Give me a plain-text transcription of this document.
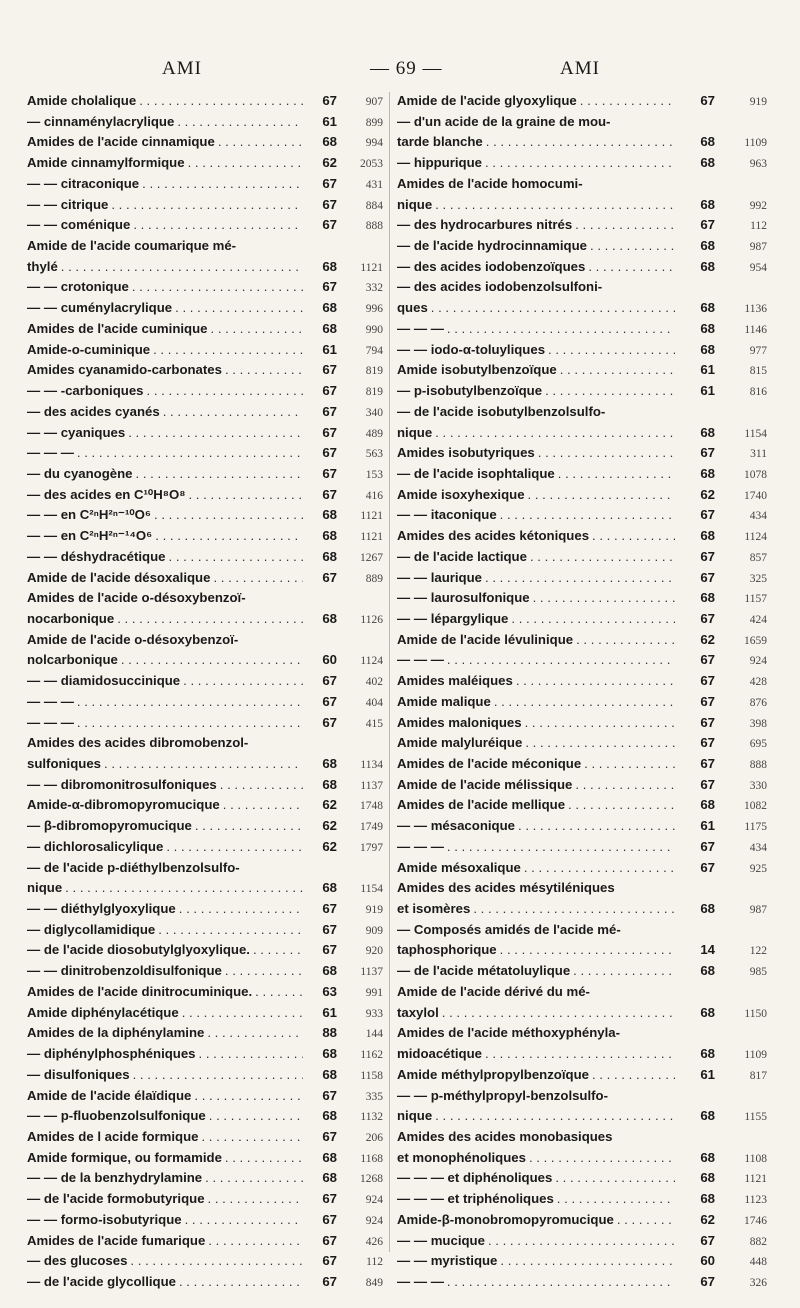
AMI	— 69 —	AMI
Amide cholalique . . .	67	907
— cinnaménylacrylique . . .	61	899
Amides de l'acide cinnamique . . .	68	994
Amide cinnamylformique . . .	62	2053
— — citraconique . . .	67	431
— — citrique . . .	67	884
— — coménique . . .	67	888
Amide de l'acide coumarique mé-
thylé . . .	68	1121
— — crotonique . . .	67	332
— — cuménylacrylique . . .	68	996
Amides de l'acide cuminique . . .	68	990
Amide-o-cuminique . . .	61	794
Amides cyanamido-carbonates . . .	67	819
— — -carboniques . . .	67	819
— des acides cyanés . . .	67	340
— — cyaniques . . .	67	489
— — — . . .	67	563
— du cyanogène . . .	67	153
— des acides en C¹⁰H⁸O⁸ . . .	67	416
— — en C²ⁿH²ⁿ⁻¹⁰O⁶ . . .	68	1121
— — en C²ⁿH²ⁿ⁻¹⁴O⁶ . . .	68	1121
— — déshydracétique . . .	68	1267
Amide de l'acide désoxalique . . .	67	889
Amides de l'acide o-désoxybenzoï-
nocarbonique . . .	68	1126
Amide de l'acide o-désoxybenzoï-
nolcarbonique . . .	60	1124
— — diamidosuccinique . . .	67	402
— — — . . .	67	404
— — — . . .	67	415
Amides des acides dibromobenzol-
sulfoniques . . .	68	1134
— — dibromonitrosulfoniques . . .	68	1137
Amide-α-dibromopyromucique . . .	62	1748
— β-dibromopyromucique . . .	62	1749
— dichlorosalicylique . . .	62	1797
— de l'acide p-diéthylbenzolsulfo-
nique . . .	68	1154
— — diéthylglyoxylique . . .	67	919
— diglycollamidique . . .	67	909
— de l'acide diosobutylglyoxylique. . . .	67	920
— — dinitrobenzoldisulfonique . . .	68	1137
Amides de l'acide dinitrocuminique. . . .	63	991
Amide diphénylacétique . . .	61	933
Amides de la diphénylamine . . .	88	144
— diphénylphosphéniques . . .	68	1162
— disulfoniques . . .	68	1158
Amide de l'acide élaïdique . . .	67	335
— — p-fluobenzolsulfonique . . .	68	1132
Amides de l acide formique . . .	67	206
Amide formique, ou formamide . . .	68	1168
— — de la benzhydrylamine . . .	68	1268
— de l'acide formobutyrique . . .	67	924
— — formo-isobutyrique . . .	67	924
Amides de l'acide fumarique . . .	67	426
— des glucoses . . .	67	112
— de l'acide glycollique . . .	67	849
Amide de l'acide glyoxylique . . .	67	919
— d'un acide de la graine de mou-
tarde blanche . . .	68	1109
— hippurique . . .	68	963
Amides de l'acide homocumi-
nique . . .	68	992
— des hydrocarbures nitrés . . .	67	112
— de l'acide hydrocinnamique . . .	68	987
— des acides iodobenzoïques . . .	68	954
— des acides iodobenzolsulfoni-
ques . . .	68	1136
— — — . . .	68	1146
— — iodo-α-toluyliques . . .	68	977
Amide isobutylbenzoïque . . .	61	815
— p-isobutylbenzoïque . . .	61	816
— de l'acide isobutylbenzolsulfo-
nique . . .	68	1154
Amides isobutyriques . . .	67	311
— de l'acide isophtalique . . .	68	1078
Amide isoxyhexique . . .	62	1740
— — itaconique . . .	67	434
Amides des acides kétoniques . . .	68	1124
— de l'acide lactique . . .	67	857
— — laurique . . .	67	325
— — laurosulfonique . . .	68	1157
— — lépargylique . . .	67	424
Amide de l'acide lévulinique . . .	62	1659
— — — . . .	67	924
Amides maléiques . . .	67	428
Amide malique . . .	67	876
Amides maloniques . . .	67	398
Amide malyluréique . . .	67	695
Amides de l'acide méconique . . .	67	888
Amide de l'acide mélissique . . .	67	330
Amides de l'acide mellique . . .	68	1082
— — mésaconique . . .	61	1175
— — — . . .	67	434
Amide mésoxalique . . .	67	925
Amides des acides mésytiléniques
et isomères . . .	68	987
— Composés amidés de l'acide mé-
taphosphorique . . .	14	122
— de l'acide métatoluylique . . .	68	985
Amide de l'acide dérivé du mé-
taxylol . . .	68	1150
Amides de l'acide méthoxyphényla-
midoacétique . . .	68	1109
Amide méthylpropylbenzoïque . . .	61	817
— — p-méthylpropyl-benzolsulfo-
nique . . .	68	1155
Amides des acides monobasiques
et monophénoliques . . .	68	1108
— — — et diphénoliques . . .	68	1121
— — — et triphénoliques . . .	68	1123
Amide-β-monobromopyromucique . . .	62	1746
— — mucique . . .	67	882
— — myristique . . .	60	448
— — — . . .	67	326
